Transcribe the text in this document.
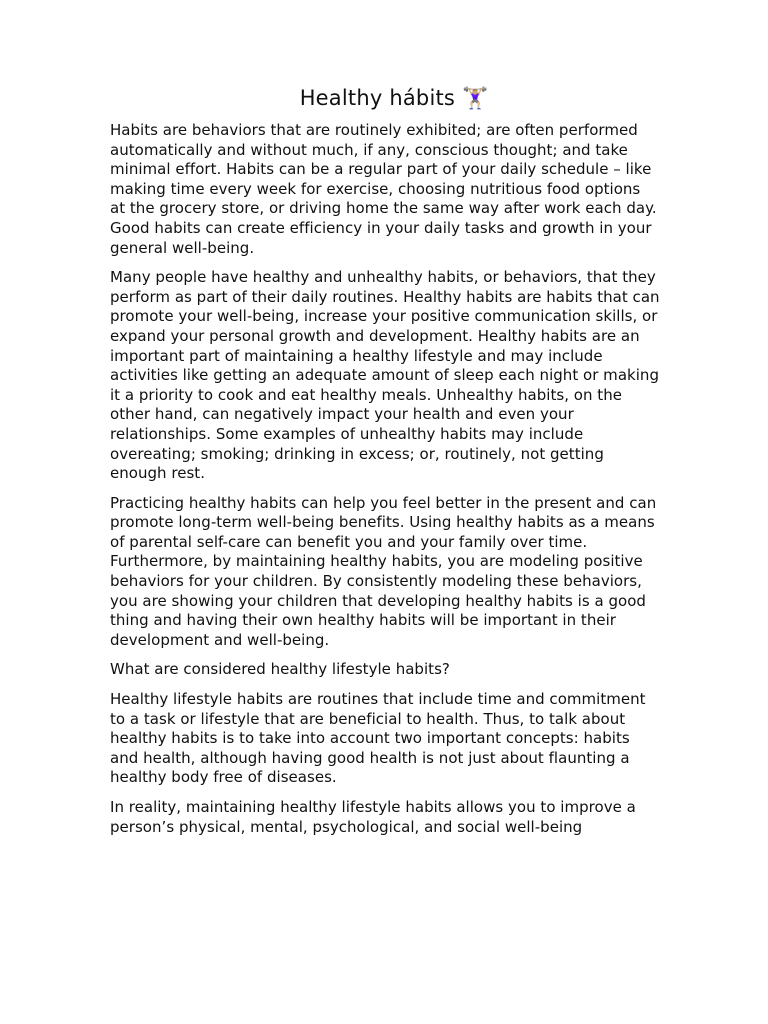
Healthy hábits 🏋🏼‍♀

Habits are behaviors that are routinely exhibited; are often performed automatically and without much, if any, conscious thought; and take minimal effort. Habits can be a regular part of your daily schedule – like making time every week for exercise, choosing nutritious food options at the grocery store, or driving home the same way after work each day. Good habits can create efficiency in your daily tasks and growth in your general well-being.

Many people have healthy and unhealthy habits, or behaviors, that they perform as part of their daily routines. Healthy habits are habits that can promote your well-being, increase your positive communication skills, or expand your personal growth and development. Healthy habits are an important part of maintaining a healthy lifestyle and may include activities like getting an adequate amount of sleep each night or making it a priority to cook and eat healthy meals. Unhealthy habits, on the other hand, can negatively impact your health and even your relationships. Some examples of unhealthy habits may include overeating; smoking; drinking in excess; or, routinely, not getting enough rest.

Practicing healthy habits can help you feel better in the present and can promote long-term well-being benefits. Using healthy habits as a means of parental self-care can benefit you and your family over time. Furthermore, by maintaining healthy habits, you are modeling positive behaviors for your children. By consistently modeling these behaviors, you are showing your children that developing healthy habits is a good thing and having their own healthy habits will be important in their development and well-being.

What are considered healthy lifestyle habits?

Healthy lifestyle habits are routines that include time and commitment to a task or lifestyle that are beneficial to health. Thus, to talk about healthy habits is to take into account two important concepts: habits and health, although having good health is not just about flaunting a healthy body free of diseases.

In reality, maintaining healthy lifestyle habits allows you to improve a person’s physical, mental, psychological, and social well-being
